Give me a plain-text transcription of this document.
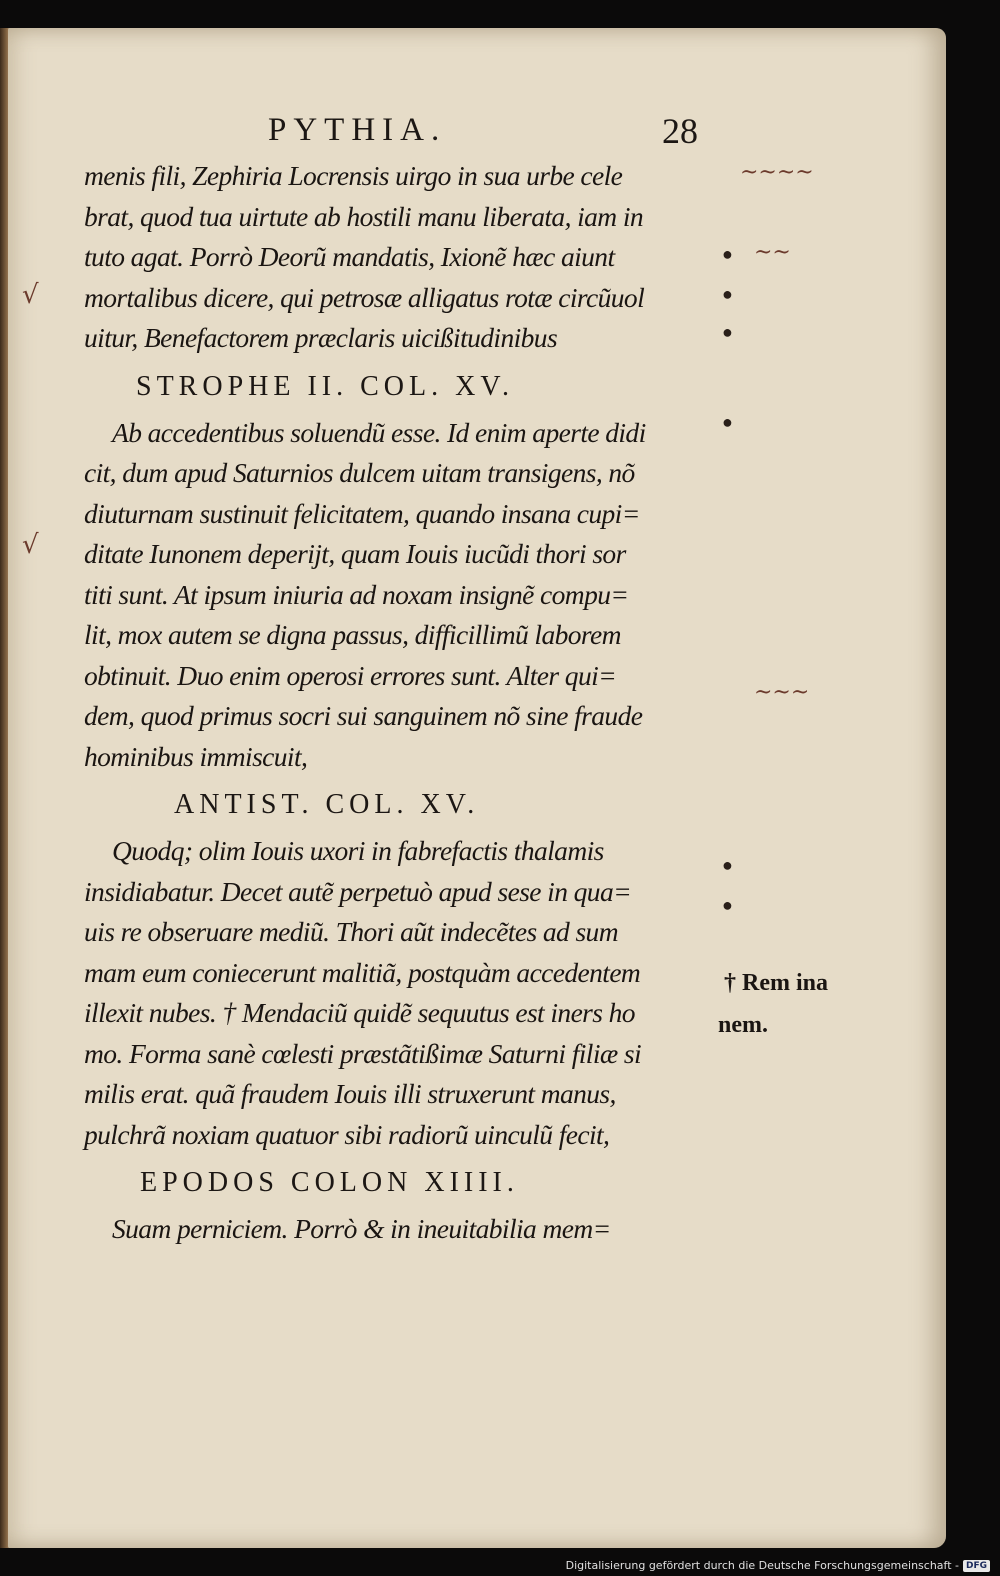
PYTHIA.	28
menis fili, Zephiria Locrensis uirgo in sua urbe cele
brat, quod tua uirtute ab hostili manu liberata, iam in
tuto agat. Porrò Deorũ mandatis, Ixionẽ hæc aiunt
mortalibus dicere, qui petrosæ alligatus rotæ circũuol
uitur, Benefactorem præclaris uicißitudinibus
STROPHE II. COL. XV.
Ab accedentibus soluendũ esse. Id enim aperte didi
cit, dum apud Saturnios dulcem uitam transigens, nõ
diuturnam sustinuit felicitatem, quando insana cupi=
ditate Iunonem deperijt, quam Iouis iucũdi thori sor
titi sunt. At ipsum iniuria ad noxam insignẽ compu=
lit, mox autem se digna passus, difficillimũ laborem
obtinuit. Duo enim operosi errores sunt. Alter qui=
dem, quod primus socri sui sanguinem nõ sine fraude
hominibus immiscuit,
ANTIST. COL. XV.
Quodq; olim Iouis uxori in fabrefactis thalamis
insidiabatur. Decet autẽ perpetuò apud sese in qua=
uis re obseruare mediũ. Thori aũt indecẽtes ad sum
mam eum coniecerunt malitiã, postquàm accedentem
illexit nubes. † Mendaciũ quidẽ sequutus est iners ho
mo. Forma sanè cœlesti præstãtißimæ Saturni filiæ si
milis erat. quã fraudem Iouis illi struxerunt manus,
pulchrã noxiam quatuor sibi radiorũ uinculũ fecit,
EPODOS COLON XIIII.
Suam perniciem. Porrò & in ineuitabilia mem=
●
●
●
●
●
●
~~~~
~~
~~~
† Rem ina
nem.
√
√
Digitalisierung gefördert durch die Deutsche Forschungsgemeinschaft - DFG
